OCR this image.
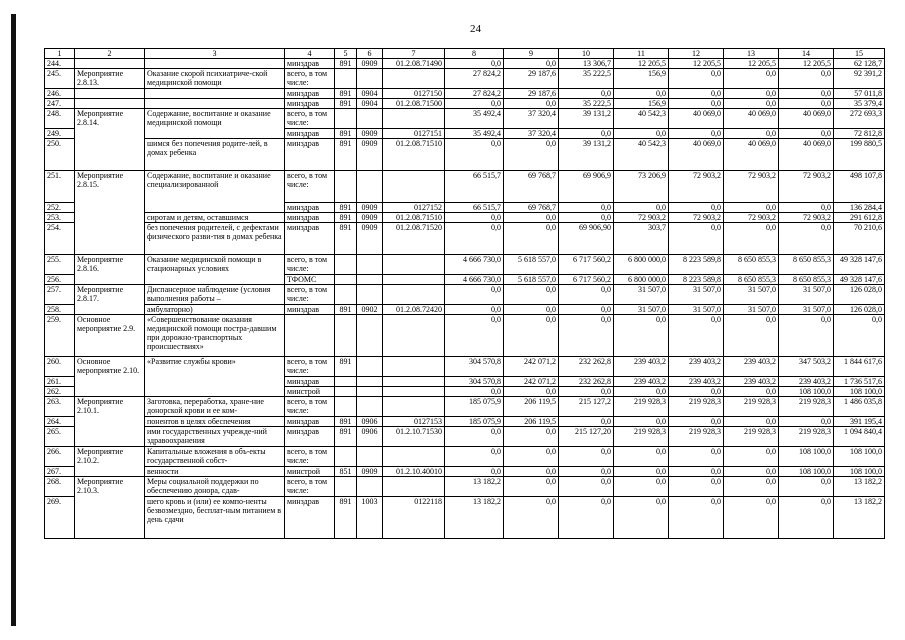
24
1	2	3	4	5	6	7	8	9	10	11	12	13	14	15
244.			минздрав	891	0909	01.2.08.71490	0,0	0,0	13 306,7	12 205,5	12 205,5	12 205,5	12 205,5	62 128,7
245.	Мероприятие 2.8.13.	Оказание скорой психиатриче-ской медицинской помощи	всего, в том числе:				27 824,2	29 187,6	35 222,5	156,9	0,0	0,0	0,0	92 391,2
246.			минздрав	891	0904	0127150	27 824,2	29 187,6	0,0	0,0	0,0	0,0	0,0	57 011,8
247.			минздрав	891	0904	01.2.08.71500	0,0	0,0	35 222,5	156,9	0,0	0,0	0,0	35 379,4
248.	Мероприятие 2.8.14.	Содержание, воспитание и оказание медицинской помощи	всего, в том числе:				35 492,4	37 320,4	39 131,2	40 542,3	40 069,0	40 069,0	40 069,0	272 693,3
249.			минздрав	891	0909	0127151	35 492,4	37 320,4	0,0	0,0	0,0	0,0	0,0	72 812,8
250.		шимся без попечения родите-лей, в домах ребенка	минздрав	891	0909	01.2.08.71510	0,0	0,0	39 131,2	40 542,3	40 069,0	40 069,0	40 069,0	199 880,5
251.	Мероприятие 2.8.15.	Содержание, воспитание и оказание специализированной	всего, в том числе:				66 515,7	69 768,7	69 906,9	73 206,9	72 903,2	72 903,2	72 903,2	498 107,8
252.			минздрав	891	0909	0127152	66 515,7	69 768,7	0,0	0,0	0,0	0,0	0,0	136 284,4
253.		сиротам и детям, оставшимся	минздрав	891	0909	01.2.08.71510	0,0	0,0	0,0	72 903,2	72 903,2	72 903,2	72 903,2	291 612,8
254.		без попечения родителей, с дефектами физического разви-тия в домах ребенка	минздрав	891	0909	01.2.08.71520	0,0	0,0	69 906,90	303,7	0,0	0,0	0,0	70 210,6
255.	Мероприятие 2.8.16.	Оказание медицинской помощи в стационарных условиях	всего, в том числе:				4 666 730,0	5 618 557,0	6 717 560,2	6 800 000,0	8 223 589,8	8 650 855,3	8 650 855,3	49 328 147,6
256.			ТФОМС				4 666 730,0	5 618 557,0	6 717 560,2	6 800 000,0	8 223 589,8	8 650 855,3	8 650 855,3	49 328 147,6
257.	Мероприятие 2.8.17.	Диспансерное наблюдение (условия выполнения работы –	всего, в том числе:				0,0	0,0	0,0	31 507,0	31 507,0	31 507,0	31 507,0	126 028,0
258.		амбулаторно)	минздрав	891	0902	01.2.08.72420	0,0	0,0	0,0	31 507,0	31 507,0	31 507,0	31 507,0	126 028,0
259.	Основное мероприятие 2.9.	«Совершенствование оказания медицинской помощи постра-давшим при дорожно-транспортных происшествиях»					0,0	0,0	0,0	0,0	0,0	0,0	0,0	0,0
260.	Основное мероприятие 2.10.	«Развитие службы крови»	всего, в том числе:	891			304 570,8	242 071,2	232 262,8	239 403,2	239 403,2	239 403,2	347 503,2	1 844 617,6
261.			минздрав				304 570,8	242 071,2	232 262,8	239 403,2	239 403,2	239 403,2	239 403,2	1 736 517,6
262.			минстрой				0,0	0,0	0,0	0,0	0,0	0,0	108 100,0	108 100,0
263.	Мероприятие 2.10.1.	Заготовка, переработка, хране-ние донорской крови и ее ком-	всего, в том числе:				185 075,9	206 119,5	215 127,2	219 928,3	219 928,3	219 928,3	219 928,3	1 486 035,8
264.		понентов в целях обеспечения	минздрав	891	0906	0127153	185 075,9	206 119,5	0,0	0,0	0,0	0,0	0,0	391 195,4
265.		ими государственных учрежде-ний здравоохранения	минздрав	891	0906	01.2.10.71530	0,0	0,0	215 127,20	219 928,3	219 928,3	219 928,3	219 928,3	1 094 840,4
266.	Мероприятие 2.10.2.	Капитальные вложения в объ-екты государственной собст-	всего, в том числе:				0,0	0,0	0,0	0,0	0,0	0,0	108 100,0	108 100,0
267.		венности	минстрой	851	0909	01.2.10.40010	0,0	0,0	0,0	0,0	0,0	0,0	108 100,0	108 100,0
268.	Мероприятие 2.10.3.	Меры социальной поддержки по обеспечению донора, сдав-	всего, в том числе:				13 182,2	0,0	0,0	0,0	0,0	0,0	0,0	13 182,2
269.		шего кровь и (или) ее компо-ненты безвозмездно, бесплат-ным питанием в день сдачи	минздрав	891	1003	0122118	13 182,2	0,0	0,0	0,0	0,0	0,0	0,0	13 182,2
